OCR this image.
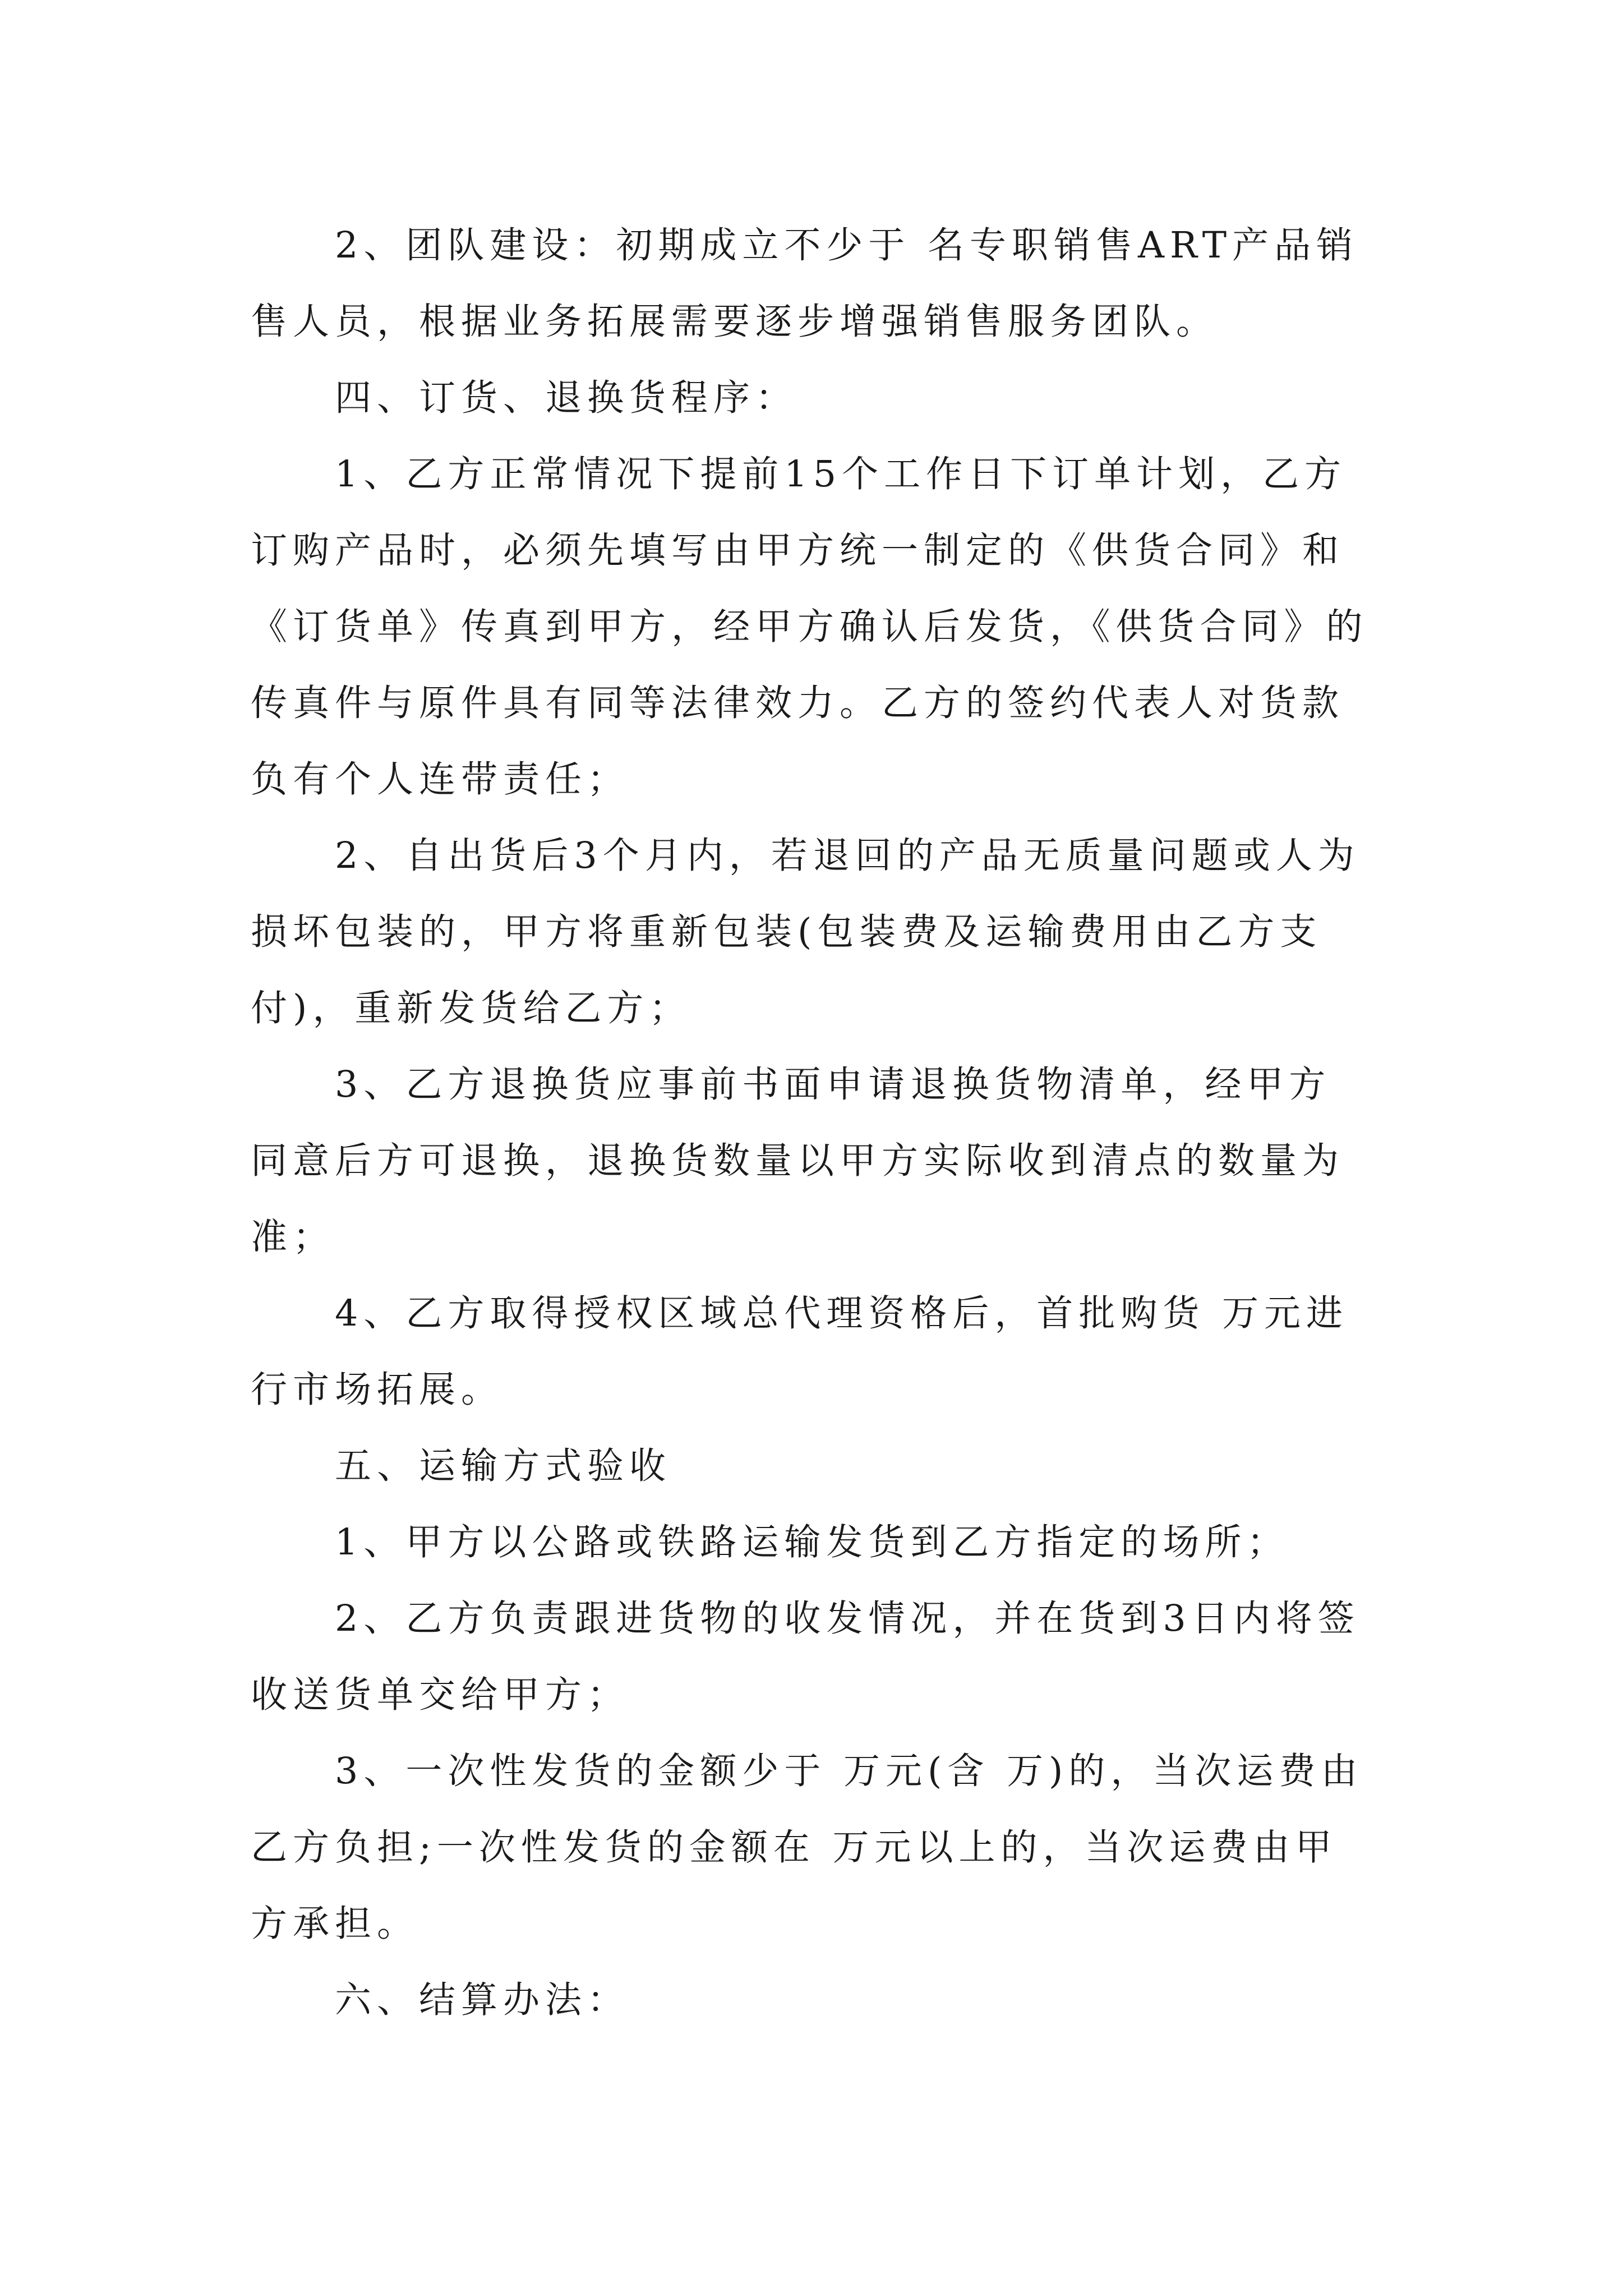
2、团队建设：初期成立不少于 名专职销售ART产品销售人员，根据业务拓展需要逐步增强销售服务团队。

四、订货、退换货程序：

1、乙方正常情况下提前15个工作日下订单计划，乙方订购产品时，必须先填写由甲方统一制定的《供货合同》和《订货单》传真到甲方，经甲方确认后发货，《供货合同》的传真件与原件具有同等法律效力。乙方的签约代表人对货款负有个人连带责任；

2、自出货后3个月内，若退回的产品无质量问题或人为损坏包装的，甲方将重新包装(包装费及运输费用由乙方支付)，重新发货给乙方；

3、乙方退换货应事前书面申请退换货物清单，经甲方同意后方可退换，退换货数量以甲方实际收到清点的数量为准；

4、乙方取得授权区域总代理资格后，首批购货 万元进行市场拓展。

五、运输方式验收

1、甲方以公路或铁路运输发货到乙方指定的场所；

2、乙方负责跟进货物的收发情况，并在货到3日内将签收送货单交给甲方；

3、一次性发货的金额少于 万元(含 万)的，当次运费由乙方负担;一次性发货的金额在 万元以上的，当次运费由甲方承担。

六、结算办法：
